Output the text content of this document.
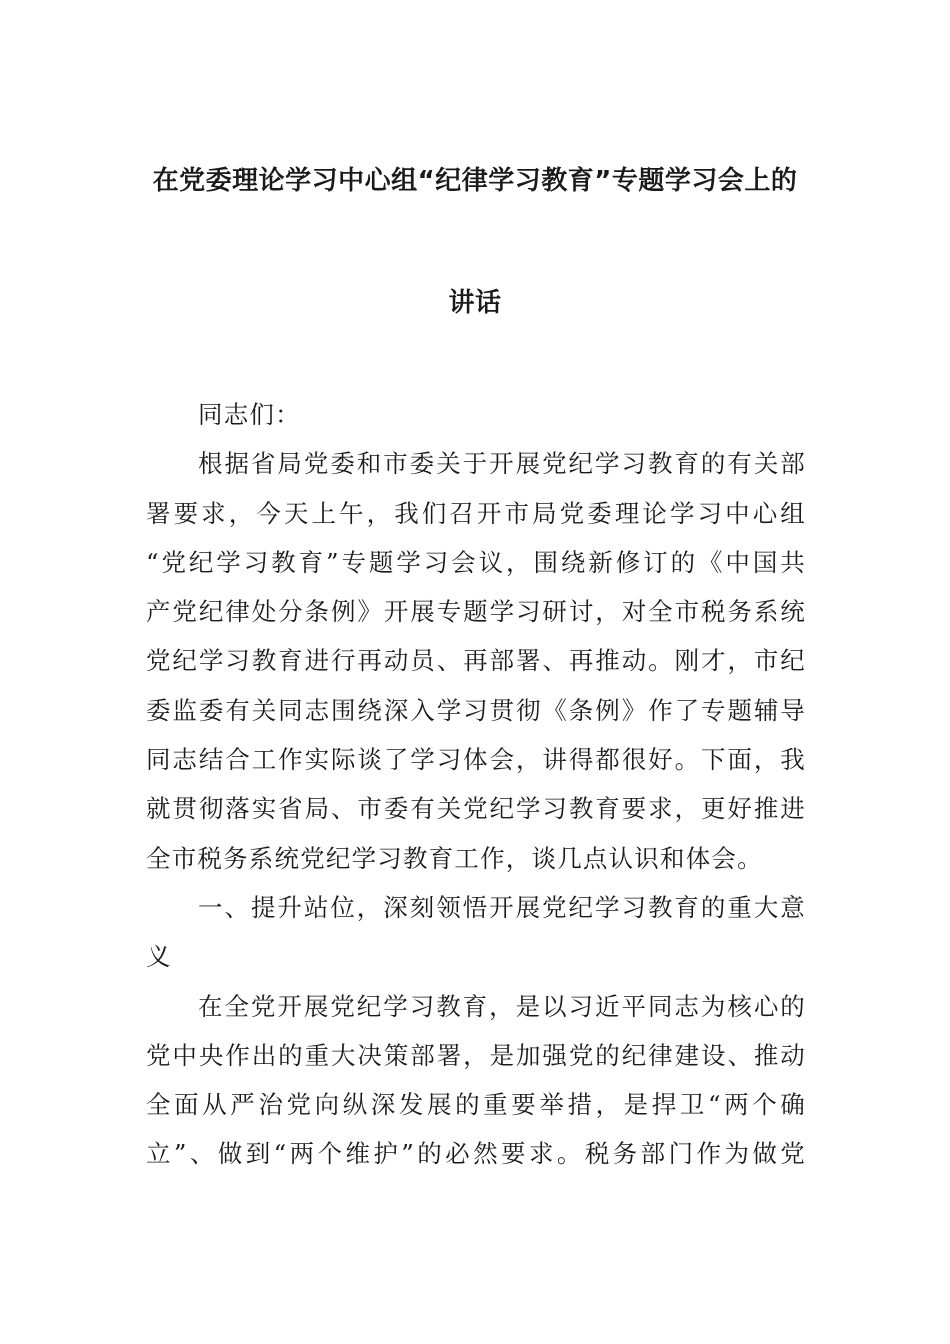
在党委理论学习中心组“纪律学习教育”专题学习会上的
讲话
同志们：
根据省局党委和市委关于开展党纪学习教育的有关部
署要求，今天上午，我们召开市局党委理论学习中心组
“党纪学习教育”专题学习会议，围绕新修订的《中国共
产党纪律处分条例》开展专题学习研讨，对全市税务系统
党纪学习教育进行再动员、再部署、再推动。刚才，市纪
委监委有关同志围绕深入学习贯彻《条例》作了专题辅导
同志结合工作实际谈了学习体会，讲得都很好。下面，我
就贯彻落实省局、市委有关党纪学习教育要求，更好推进
全市税务系统党纪学习教育工作，谈几点认识和体会。
一、提升站位，深刻领悟开展党纪学习教育的重大意
义
在全党开展党纪学习教育，是以习近平同志为核心的
党中央作出的重大决策部署，是加强党的纪律建设、推动
全面从严治党向纵深发展的重要举措，是捍卫“两个确
立”、做到“两个维护”的必然要求。税务部门作为做党
